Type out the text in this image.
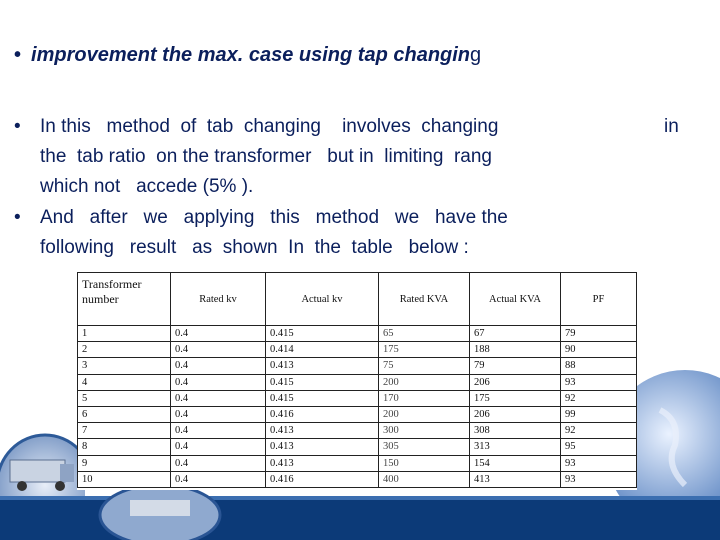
• improvement the max. case using tap changing
• In this   method  of  tab  changing    involves  changing
the  tab ratio  on the transformer   but in  limiting  rang
which not   accede (5% ).
in
• And   after   we   applying   this   method   we   have the
following   result   as  shown  In  the  table   below :
Transformer number	Rated kv	Actual kv	Rated KVA	Actual KVA	PF
1	0.4	0.415	65	67	79
2	0.4	0.414	175	188	90
3	0.4	0.413	75	79	88
4	0.4	0.415	200	206	93
5	0.4	0.415	170	175	92
6	0.4	0.416	200	206	99
7	0.4	0.413	300	308	92
8	0.4	0.413	305	313	95
9	0.4	0.413	150	154	93
10	0.4	0.416	400	413	93
